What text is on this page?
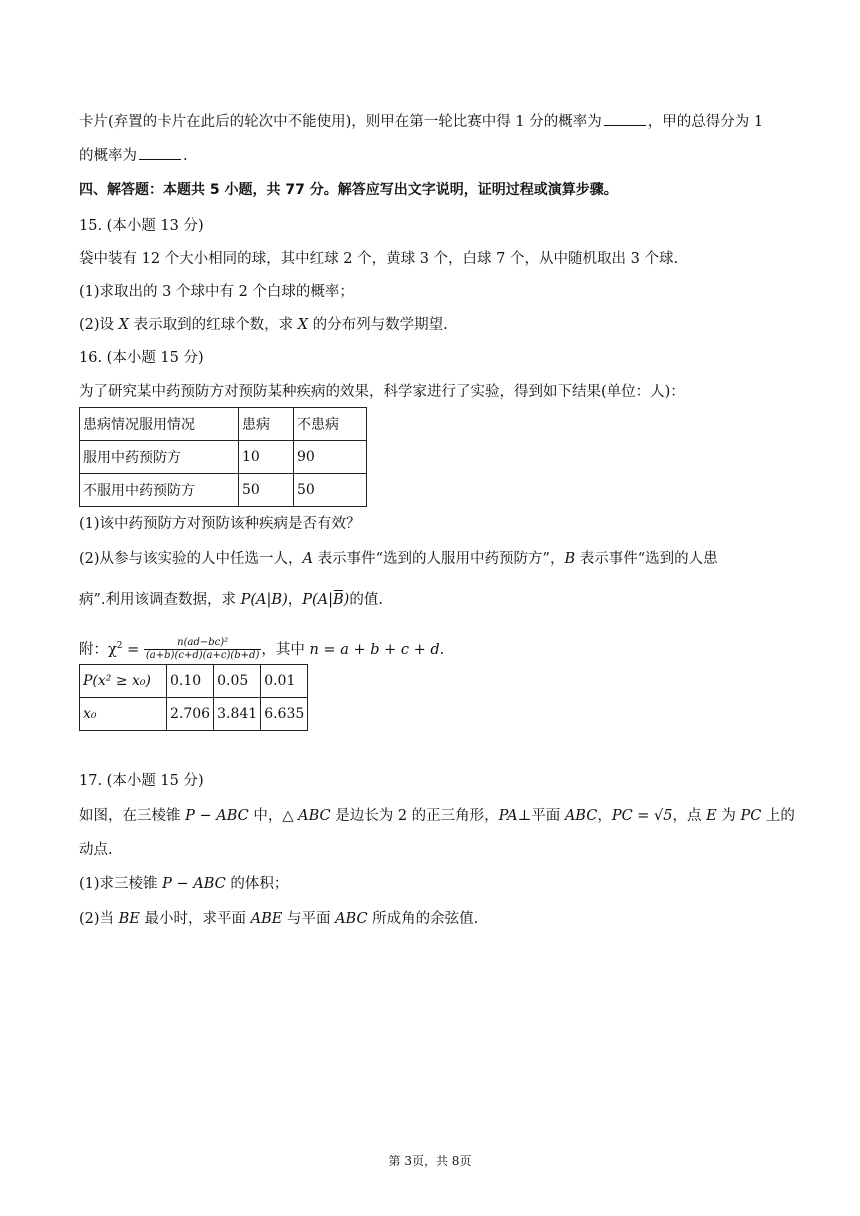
卡片(弃置的卡片在此后的轮次中不能使用)，则甲在第一轮比赛中得 1 分的概率为	，甲的总得分为 1
的概率为	.
四、解答题：本题共 5 小题，共 77 分。解答应写出文字说明，证明过程或演算步骤。
15. (本小题 13 分)
袋中装有 12 个大小相同的球，其中红球 2 个，黄球 3 个，白球 7 个，从中随机取出 3 个球.
(1)求取出的 3 个球中有 2 个白球的概率；
(2)设 X 表示取到的红球个数，求 X 的分布列与数学期望.
16. (本小题 15 分)
为了研究某中药预防方对预防某种疾病的效果，科学家进行了实验，得到如下结果(单位：人)：
患病情况服用情况	患病	不患病
服用中药预防方	10	90
不服用中药预防方	50	50
(1)该中药预防方对预防该种疾病是否有效？
(2)从参与该实验的人中任选一人，A 表示事件“选到的人服用中药预防方”，B 表示事件“选到的人患
病”.利用该调查数据，求 P(A|B)，P(A|B)的值.
附：$\chi^2 = \frac{\text{n(ad−bc)²}}{(a+b)(c+d)(a+c)(b+d)}$ ，其中 n = a + b + c + d.
P(x² ≥ x₀)	0.10	0.05	0.01
x₀	2.706	3.841	6.635
17. (本小题 15 分)
如图，在三棱锥 P − ABC 中，△ ABC 是边长为 2 的正三角形，PA⊥平面 ABC，PC = √5，点 E 为 PC 上的
动点.
(1)求三棱锥 P − ABC 的体积；
(2)当 BE 最小时，求平面 ABE 与平面 ABC 所成角的余弦值.
第 3页，共 8页
